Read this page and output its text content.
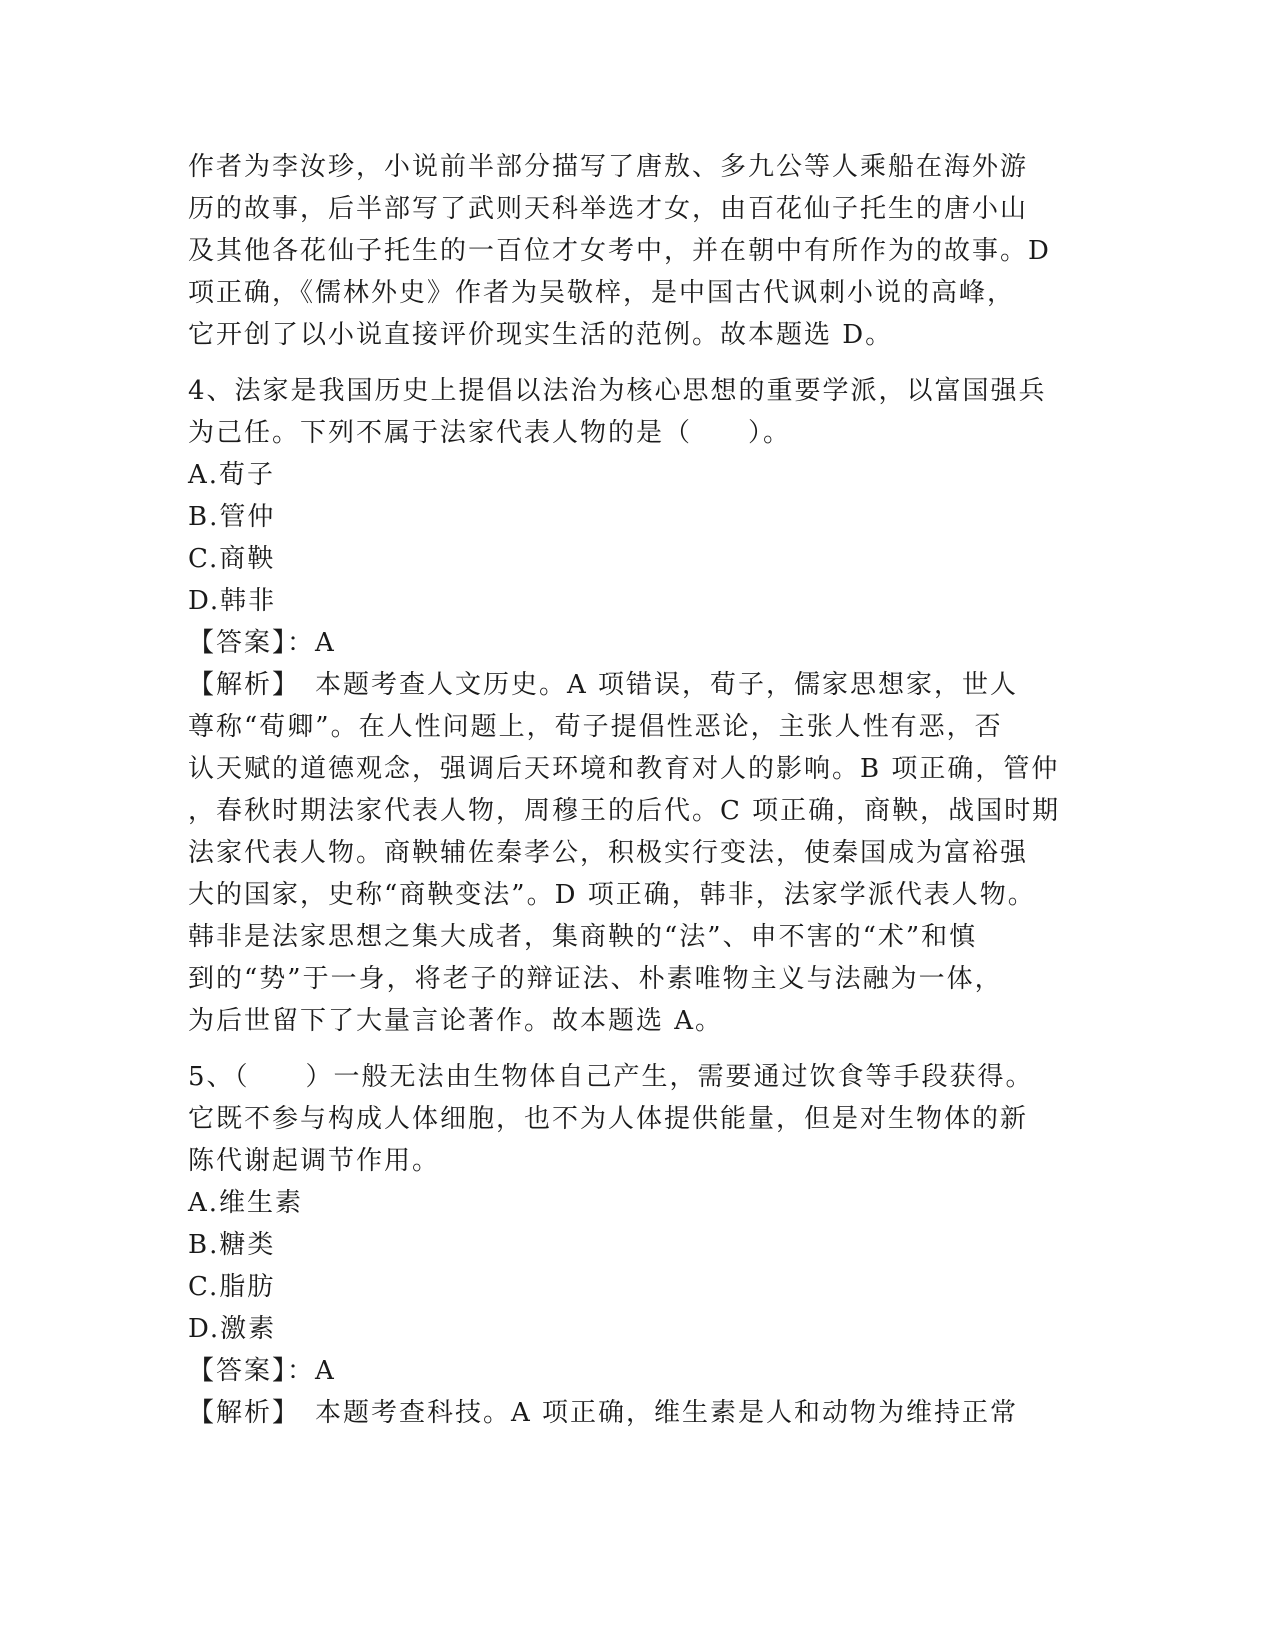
作者为李汝珍，小说前半部分描写了唐敖、多九公等人乘船在海外游
历的故事，后半部写了武则天科举选才女，由百花仙子托生的唐小山
及其他各花仙子托生的一百位才女考中，并在朝中有所作为的故事。D
项正确，《儒林外史》作者为吴敬梓，是中国古代讽刺小说的高峰，
它开创了以小说直接评价现实生活的范例。故本题选 D。
4、法家是我国历史上提倡以法治为核心思想的重要学派，以富国强兵
为己任。下列不属于法家代表人物的是（　　）。
A.荀子
B.管仲
C.商鞅
D.韩非
【答案】：A
【解析】　本题考查人文历史。A 项错误，荀子，儒家思想家，世人
尊称“荀卿”。在人性问题上，荀子提倡性恶论，主张人性有恶，否
认天赋的道德观念，强调后天环境和教育对人的影响。B 项正确，管仲
，春秋时期法家代表人物，周穆王的后代。C 项正确，商鞅，战国时期
法家代表人物。商鞅辅佐秦孝公，积极实行变法，使秦国成为富裕强
大的国家，史称“商鞅变法”。D 项正确，韩非，法家学派代表人物。
韩非是法家思想之集大成者，集商鞅的“法”、申不害的“术”和慎
到的“势”于一身，将老子的辩证法、朴素唯物主义与法融为一体，
为后世留下了大量言论著作。故本题选 A。
5、（　　）一般无法由生物体自己产生，需要通过饮食等手段获得。
它既不参与构成人体细胞，也不为人体提供能量，但是对生物体的新
陈代谢起调节作用。
A.维生素
B.糖类
C.脂肪
D.激素
【答案】：A
【解析】　本题考查科技。A 项正确，维生素是人和动物为维持正常
